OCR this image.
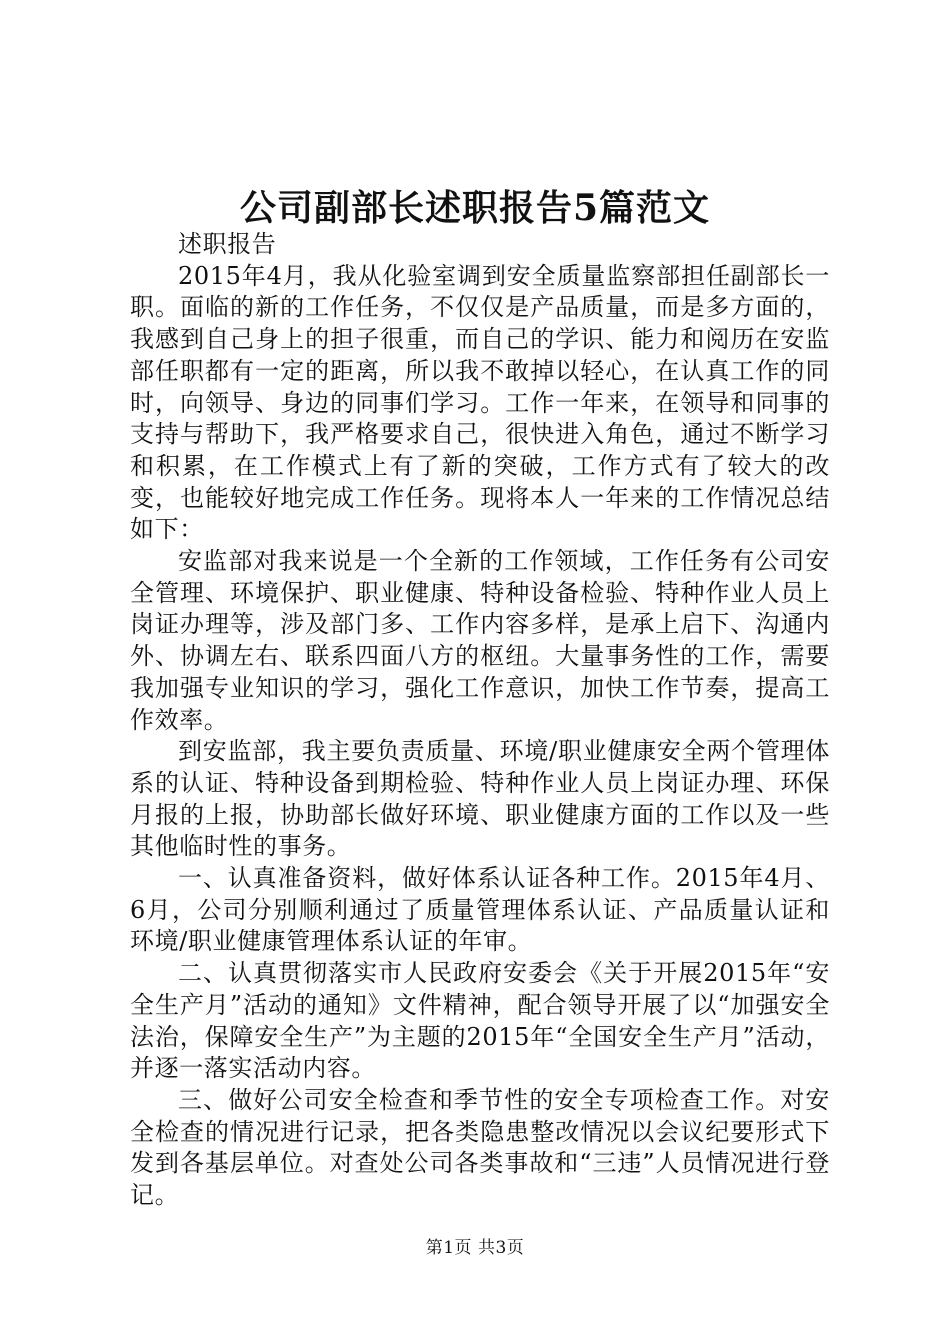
公司副部长述职报告5篇范文

述职报告

2015年4月，我从化验室调到安全质量监察部担任副部长一职。面临的新的工作任务，不仅仅是产品质量，而是多方面的，我感到自己身上的担子很重，而自己的学识、能力和阅历在安监部任职都有一定的距离，所以我不敢掉以轻心，在认真工作的同时，向领导、身边的同事们学习。工作一年来，在领导和同事的支持与帮助下，我严格要求自己，很快进入角色，通过不断学习和积累，在工作模式上有了新的突破，工作方式有了较大的改变，也能较好地完成工作任务。现将本人一年来的工作情况总结如下：

安监部对我来说是一个全新的工作领域，工作任务有公司安全管理、环境保护、职业健康、特种设备检验、特种作业人员上岗证办理等，涉及部门多、工作内容多样，是承上启下、沟通内外、协调左右、联系四面八方的枢纽。大量事务性的工作，需要我加强专业知识的学习，强化工作意识，加快工作节奏，提高工作效率。

到安监部，我主要负责质量、环境/职业健康安全两个管理体系的认证、特种设备到期检验、特种作业人员上岗证办理、环保月报的上报，协助部长做好环境、职业健康方面的工作以及一些其他临时性的事务。

一、认真准备资料，做好体系认证各种工作。2015年4月、6月，公司分别顺利通过了质量管理体系认证、产品质量认证和环境/职业健康管理体系认证的年审。

二、认真贯彻落实市人民政府安委会《关于开展2015年“安全生产月”活动的通知》文件精神，配合领导开展了以“加强安全法治，保障安全生产”为主题的2015年“全国安全生产月”活动，并逐一落实活动内容。

三、做好公司安全检查和季节性的安全专项检查工作。对安全检查的情况进行记录，把各类隐患整改情况以会议纪要形式下发到各基层单位。对查处公司各类事故和“三违”人员情况进行登记。

第1页 共3页
